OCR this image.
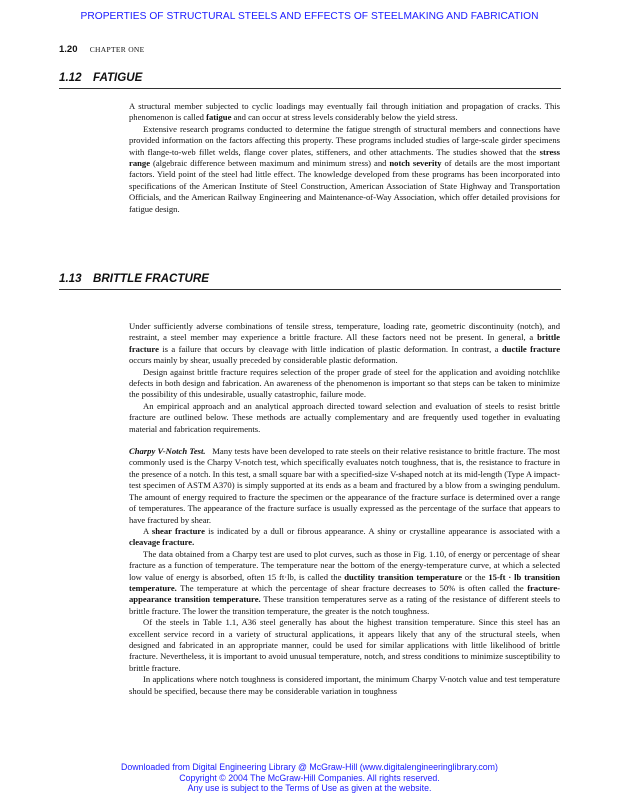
PROPERTIES OF STRUCTURAL STEELS AND EFFECTS OF STEELMAKING AND FABRICATION
1.20 CHAPTER ONE
1.12 FATIGUE

A structural member subjected to cyclic loadings may eventually fail through initiation and propagation of cracks. This phenomenon is called fatigue and can occur at stress levels considerably below the yield stress.

Extensive research programs conducted to determine the fatigue strength of structural members and connections have provided information on the factors affecting this property. These programs included studies of large-scale girder specimens with flange-to-web fillet welds, flange cover plates, stiffeners, and other attachments. The studies showed that the stress range (algebraic difference between maximum and minimum stress) and notch severity of details are the most important factors. Yield point of the steel had little effect. The knowledge developed from these programs has been incorporated into specifications of the American Institute of Steel Construction, American Association of State Highway and Transportation Officials, and the American Railway Engineering and Maintenance-of-Way Association, which offer detailed provisions for fatigue design.

1.13 BRITTLE FRACTURE

Under sufficiently adverse combinations of tensile stress, temperature, loading rate, geometric discontinuity (notch), and restraint, a steel member may experience a brittle fracture. All these factors need not be present. In general, a brittle fracture is a failure that occurs by cleavage with little indication of plastic deformation. In contrast, a ductile fracture occurs mainly by shear, usually preceded by considerable plastic deformation.

Design against brittle fracture requires selection of the proper grade of steel for the application and avoiding notchlike defects in both design and fabrication. An awareness of the phenomenon is important so that steps can be taken to minimize the possibility of this undesirable, usually catastrophic, failure mode.

An empirical approach and an analytical approach directed toward selection and evaluation of steels to resist brittle fracture are outlined below. These methods are actually complementary and are frequently used together in evaluating material and fabrication requirements.

Charpy V-Notch Test. Many tests have been developed to rate steels on their relative resistance to brittle fracture. The most commonly used is the Charpy V-notch test, which specifically evaluates notch toughness, that is, the resistance to fracture in the presence of a notch. In this test, a small square bar with a specified-size V-shaped notch at its mid-length (Type A impact-test specimen of ASTM A370) is simply supported at its ends as a beam and fractured by a blow from a swinging pendulum. The amount of energy required to fracture the specimen or the appearance of the fracture surface is determined over a range of temperatures. The appearance of the fracture surface is usually expressed as the percentage of the surface that appears to have fractured by shear.

A shear fracture is indicated by a dull or fibrous appearance. A shiny or crystalline appearance is associated with a cleavage fracture.

The data obtained from a Charpy test are used to plot curves, such as those in Fig. 1.10, of energy or percentage of shear fracture as a function of temperature. The temperature near the bottom of the energy-temperature curve, at which a selected low value of energy is absorbed, often 15 ft·lb, is called the ductility transition temperature or the 15-ft · lb transition temperature. The temperature at which the percentage of shear fracture decreases to 50% is often called the fracture-appearance transition temperature. These transition temperatures serve as a rating of the resistance of different steels to brittle fracture. The lower the transition temperature, the greater is the notch toughness.

Of the steels in Table 1.1, A36 steel generally has about the highest transition temperature. Since this steel has an excellent service record in a variety of structural applications, it appears likely that any of the structural steels, when designed and fabricated in an appropriate manner, could be used for similar applications with little likelihood of brittle fracture. Nevertheless, it is important to avoid unusual temperature, notch, and stress conditions to minimize susceptibility to brittle fracture.

In applications where notch toughness is considered important, the minimum Charpy V-notch value and test temperature should be specified, because there may be considerable variation in toughness

Downloaded from Digital Engineering Library @ McGraw-Hill (www.digitalengineeringlibrary.com)
Copyright © 2004 The McGraw-Hill Companies. All rights reserved.
Any use is subject to the Terms of Use as given at the website.
